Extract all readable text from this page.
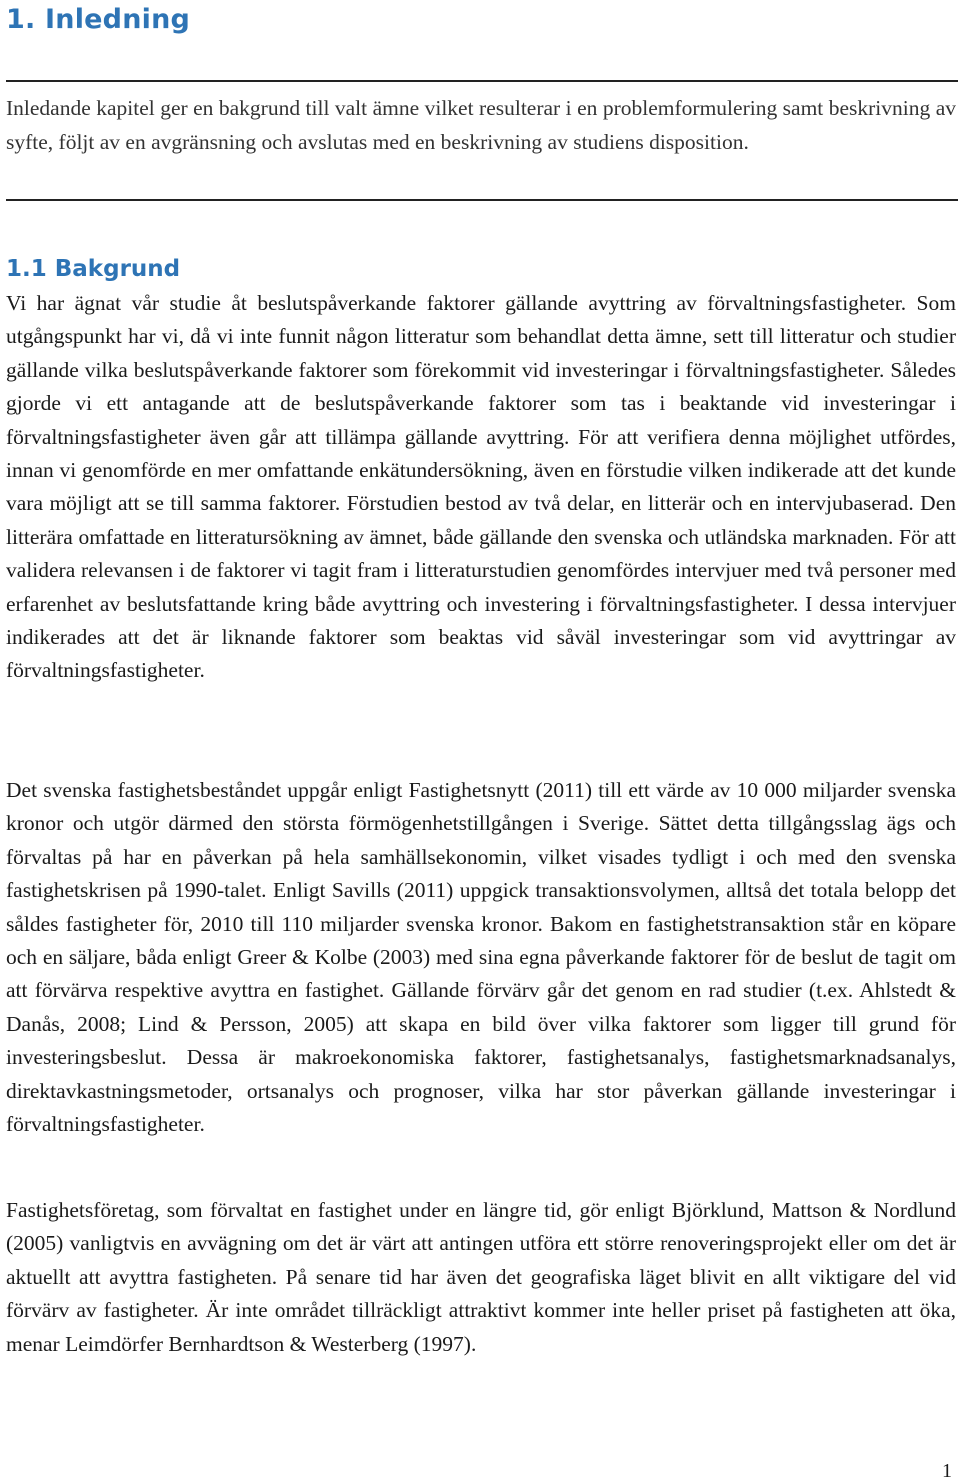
1. Inledning

Inledande kapitel ger en bakgrund till valt ämne vilket resulterar i en problemformulering samt beskrivning av syfte, följt av en avgränsning och avslutas med en beskrivning av studiens disposition.

1.1 Bakgrund

Vi har ägnat vår studie åt beslutspåverkande faktorer gällande avyttring av förvaltningsfastigheter. Som utgångspunkt har vi, då vi inte funnit någon litteratur som behandlat detta ämne, sett till litteratur och studier gällande vilka beslutspåverkande faktorer som förekommit vid investeringar i förvaltningsfastigheter. Således gjorde vi ett antagande att de beslutspåverkande faktorer som tas i beaktande vid investeringar i förvaltningsfastigheter även går att tillämpa gällande avyttring. För att verifiera denna möjlighet utfördes, innan vi genomförde en mer omfattande enkätundersökning, även en förstudie vilken indikerade att det kunde vara möjligt att se till samma faktorer. Förstudien bestod av två delar, en litterär och en intervjubaserad. Den litterära omfattade en litteratursökning av ämnet, både gällande den svenska och utländska marknaden. För att validera relevansen i de faktorer vi tagit fram i litteraturstudien genomfördes intervjuer med två personer med erfarenhet av beslutsfattande kring både avyttring och investering i förvaltningsfastigheter. I dessa intervjuer indikerades att det är liknande faktorer som beaktas vid såväl investeringar som vid avyttringar av förvaltningsfastigheter.

Det svenska fastighetsbeståndet uppgår enligt Fastighetsnytt (2011) till ett värde av 10 000 miljarder svenska kronor och utgör därmed den största förmögenhetstillgången i Sverige. Sättet detta tillgångsslag ägs och förvaltas på har en påverkan på hela samhällsekonomin, vilket visades tydligt i och med den svenska fastighetskrisen på 1990-talet. Enligt Savills (2011) uppgick transaktionsvolymen, alltså det totala belopp det såldes fastigheter för, 2010 till 110 miljarder svenska kronor. Bakom en fastighetstransaktion står en köpare och en säljare, båda enligt Greer & Kolbe (2003) med sina egna påverkande faktorer för de beslut de tagit om att förvärva respektive avyttra en fastighet. Gällande förvärv går det genom en rad studier (t.ex. Ahlstedt & Danås, 2008; Lind & Persson, 2005) att skapa en bild över vilka faktorer som ligger till grund för investeringsbeslut. Dessa är makroekonomiska faktorer, fastighetsanalys, fastighetsmarknadsanalys, direktavkastningsmetoder, ortsanalys och prognoser, vilka har stor påverkan gällande investeringar i förvaltningsfastigheter.

Fastighetsföretag, som förvaltat en fastighet under en längre tid, gör enligt Björklund, Mattson & Nordlund (2005) vanligtvis en avvägning om det är värt att antingen utföra ett större renoveringsprojekt eller om det är aktuellt att avyttra fastigheten. På senare tid har även det geografiska läget blivit en allt viktigare del vid förvärv av fastigheter. Är inte området tillräckligt attraktivt kommer inte heller priset på fastigheten att öka, menar Leimdörfer Bernhardtson & Westerberg (1997).

1
